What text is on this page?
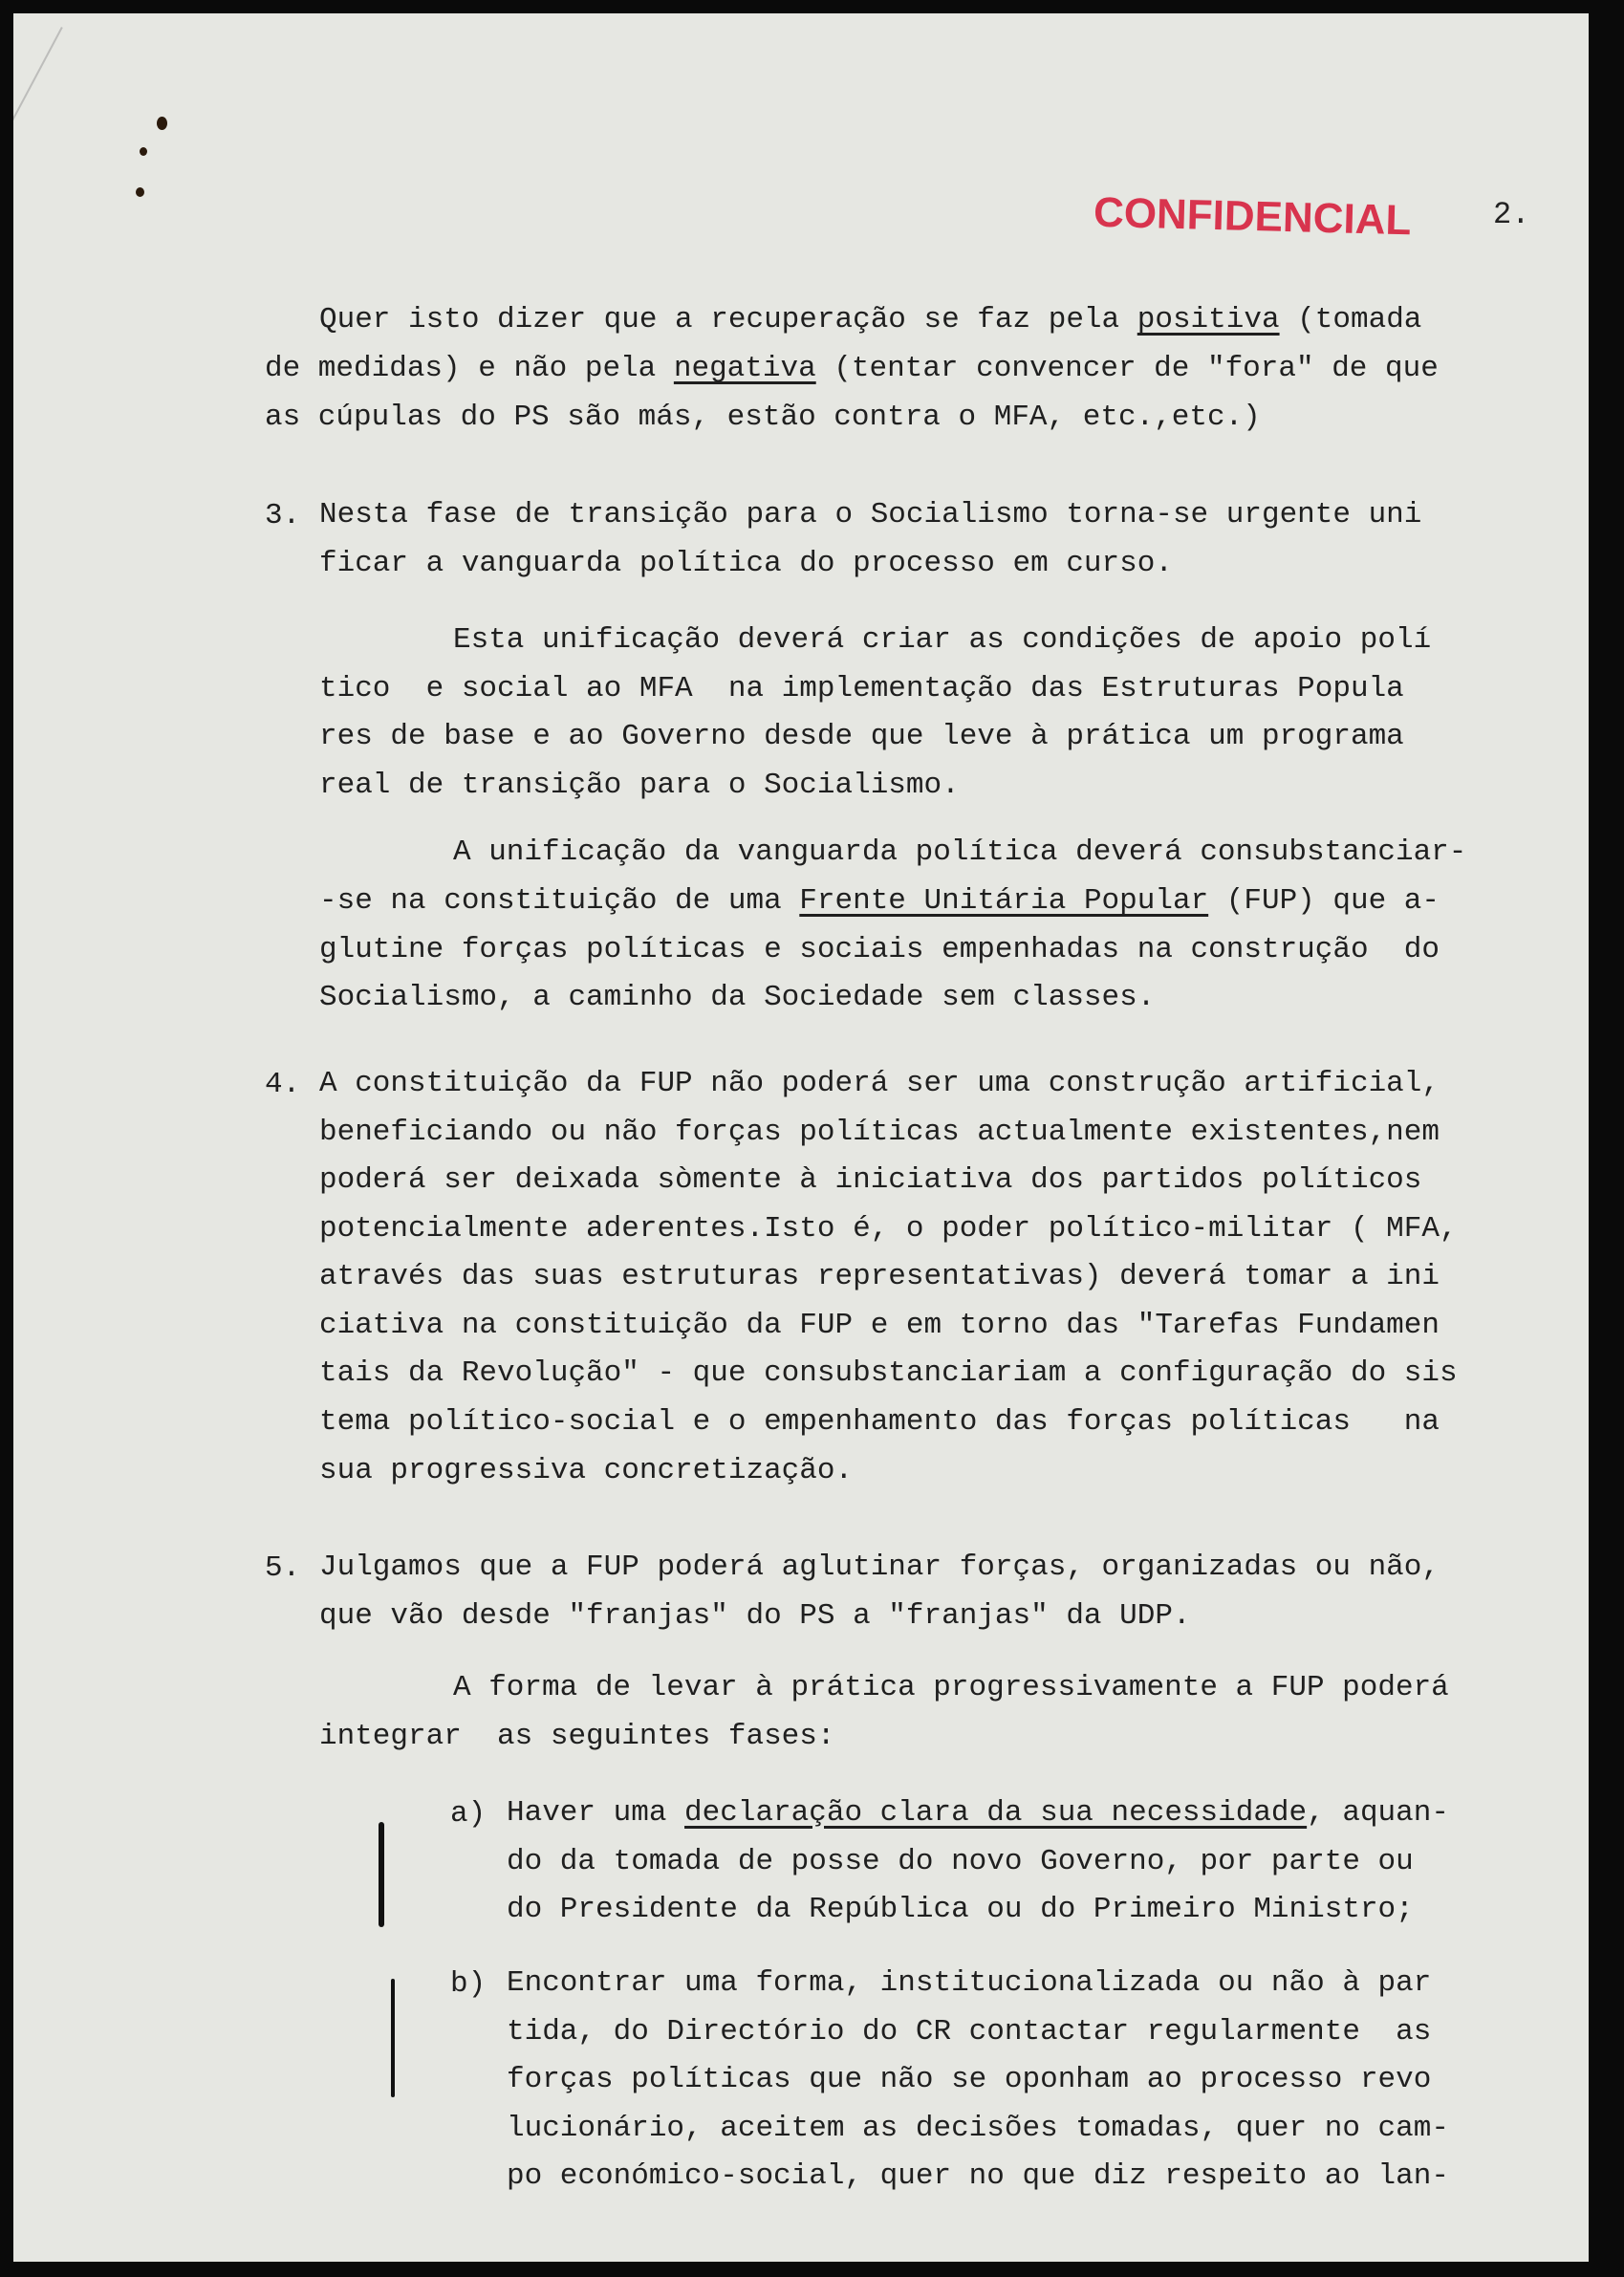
CONFIDENCIAL	2.
Quer isto dizer que a recuperação se faz pela positiva (tomada
de medidas) e não pela negativa (tentar convencer de "fora" de que
as cúpulas do PS são más, estão contra o MFA, etc.,etc.)
3. Nesta fase de transição para o Socialismo torna-se urgente uni
ficar a vanguarda política do processo em curso.
Esta unificação deverá criar as condições de apoio polí
tico  e social ao MFA  na implementação das Estruturas Popula
res de base e ao Governo desde que leve à prática um programa
real de transição para o Socialismo.
A unificação da vanguarda política deverá consubstanciar-
-se na constituição de uma Frente Unitária Popular (FUP) que a-
glutine forças políticas e sociais empenhadas na construção  do
Socialismo, a caminho da Sociedade sem classes.
4. A constituição da FUP não poderá ser uma construção artificial,
beneficiando ou não forças políticas actualmente existentes,nem
poderá ser deixada sòmente à iniciativa dos partidos políticos
potencialmente aderentes.Isto é, o poder político-militar ( MFA,
através das suas estruturas representativas) deverá tomar a ini
ciativa na constituição da FUP e em torno das "Tarefas Fundamen
tais da Revolução" - que consubstanciariam a configuração do sis
tema político-social e o empenhamento das forças políticas   na
sua progressiva concretização.
5. Julgamos que a FUP poderá aglutinar forças, organizadas ou não,
que vão desde "franjas" do PS a "franjas" da UDP.
A forma de levar à prática progressivamente a FUP poderá
integrar  as seguintes fases:
a) Haver uma declaração clara da sua necessidade, aquan-
do da tomada de posse do novo Governo, por parte ou
do Presidente da República ou do Primeiro Ministro;
b) Encontrar uma forma, institucionalizada ou não à par
tida, do Directório do CR contactar regularmente  as
forças políticas que não se oponham ao processo revo
lucionário, aceitem as decisões tomadas, quer no cam-
po económico-social, quer no que diz respeito ao lan-
